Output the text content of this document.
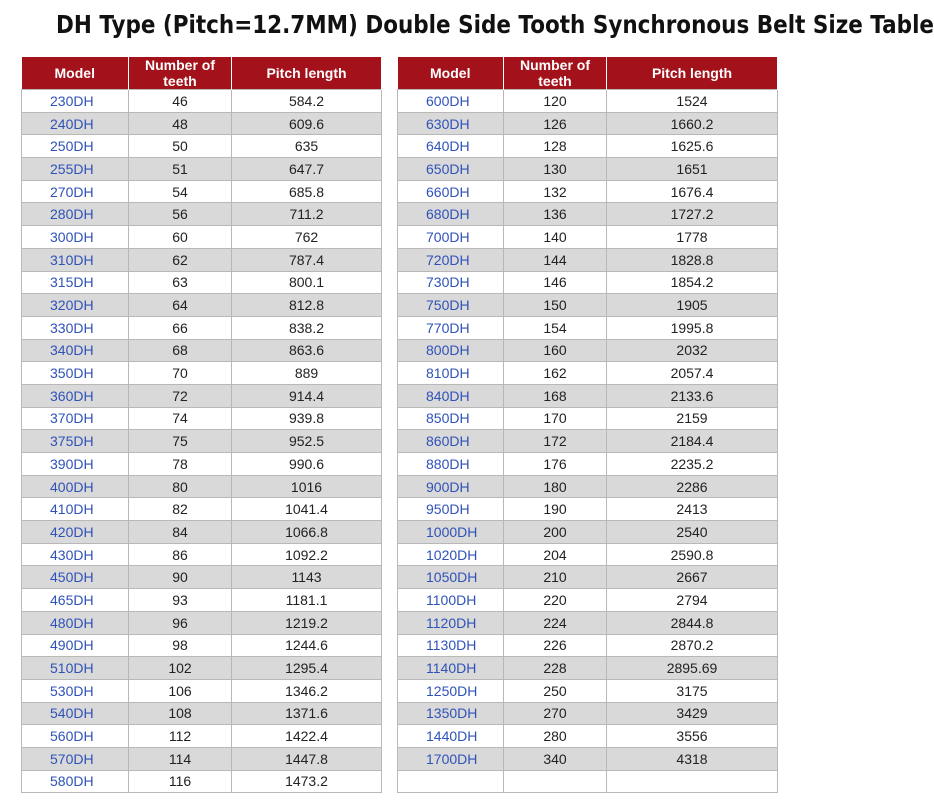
DH Type (Pitch=12.7MM) Double Side Tooth Synchronous Belt Size Table
Model	Number of teeth	Pitch length
230DH	46	584.2
240DH	48	609.6
250DH	50	635
255DH	51	647.7
270DH	54	685.8
280DH	56	711.2
300DH	60	762
310DH	62	787.4
315DH	63	800.1
320DH	64	812.8
330DH	66	838.2
340DH	68	863.6
350DH	70	889
360DH	72	914.4
370DH	74	939.8
375DH	75	952.5
390DH	78	990.6
400DH	80	1016
410DH	82	1041.4
420DH	84	1066.8
430DH	86	1092.2
450DH	90	1143
465DH	93	1181.1
480DH	96	1219.2
490DH	98	1244.6
510DH	102	1295.4
530DH	106	1346.2
540DH	108	1371.6
560DH	112	1422.4
570DH	114	1447.8
580DH	116	1473.2
Model	Number of teeth	Pitch length
600DH	120	1524
630DH	126	1660.2
640DH	128	1625.6
650DH	130	1651
660DH	132	1676.4
680DH	136	1727.2
700DH	140	1778
720DH	144	1828.8
730DH	146	1854.2
750DH	150	1905
770DH	154	1995.8
800DH	160	2032
810DH	162	2057.4
840DH	168	2133.6
850DH	170	2159
860DH	172	2184.4
880DH	176	2235.2
900DH	180	2286
950DH	190	2413
1000DH	200	2540
1020DH	204	2590.8
1050DH	210	2667
1100DH	220	2794
1120DH	224	2844.8
1130DH	226	2870.2
1140DH	228	2895.69
1250DH	250	3175
1350DH	270	3429
1440DH	280	3556
1700DH	340	4318
